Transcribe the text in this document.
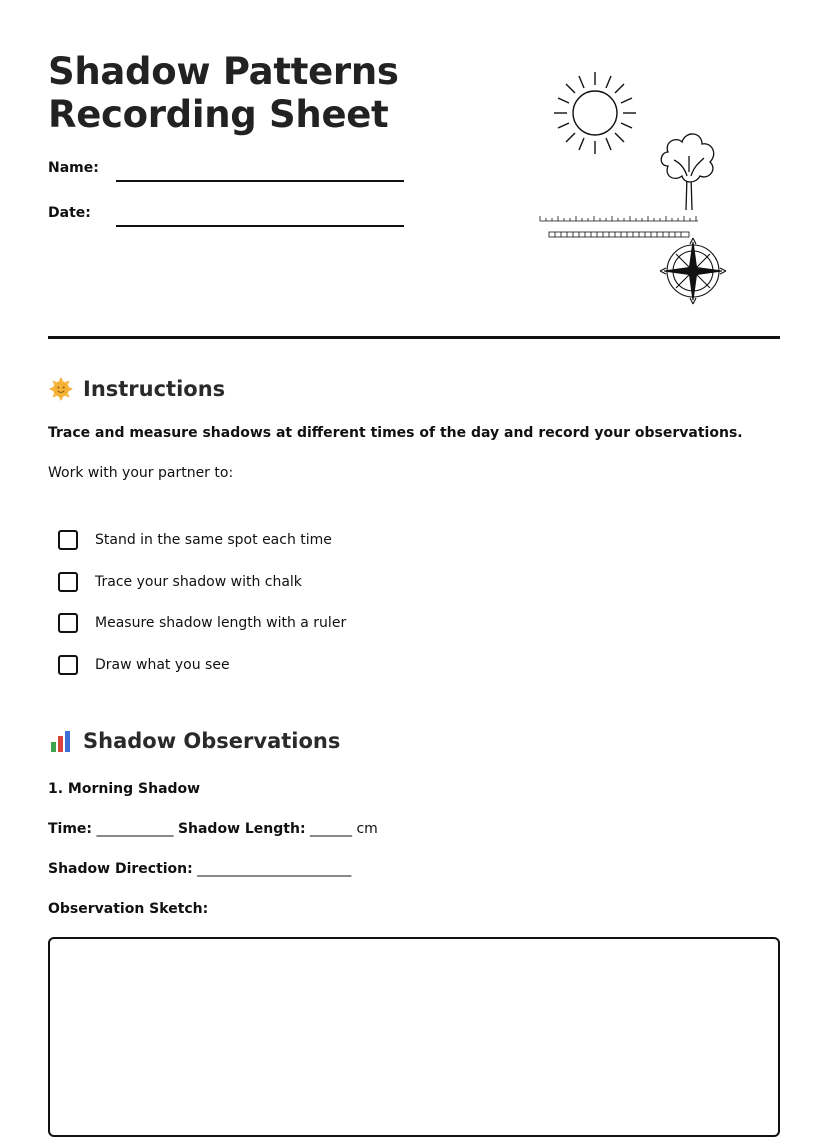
Shadow Patterns Recording Sheet
Name:
Date:
Instructions
Trace and measure shadows at different times of the day and record your observations.
Work with your partner to:
Stand in the same spot each time
Trace your shadow with chalk
Measure shadow length with a ruler
Draw what you see
Shadow Observations
1. Morning Shadow
Time: ___________ Shadow Length: ______ cm
Shadow Direction: ______________________
Observation Sketch:
